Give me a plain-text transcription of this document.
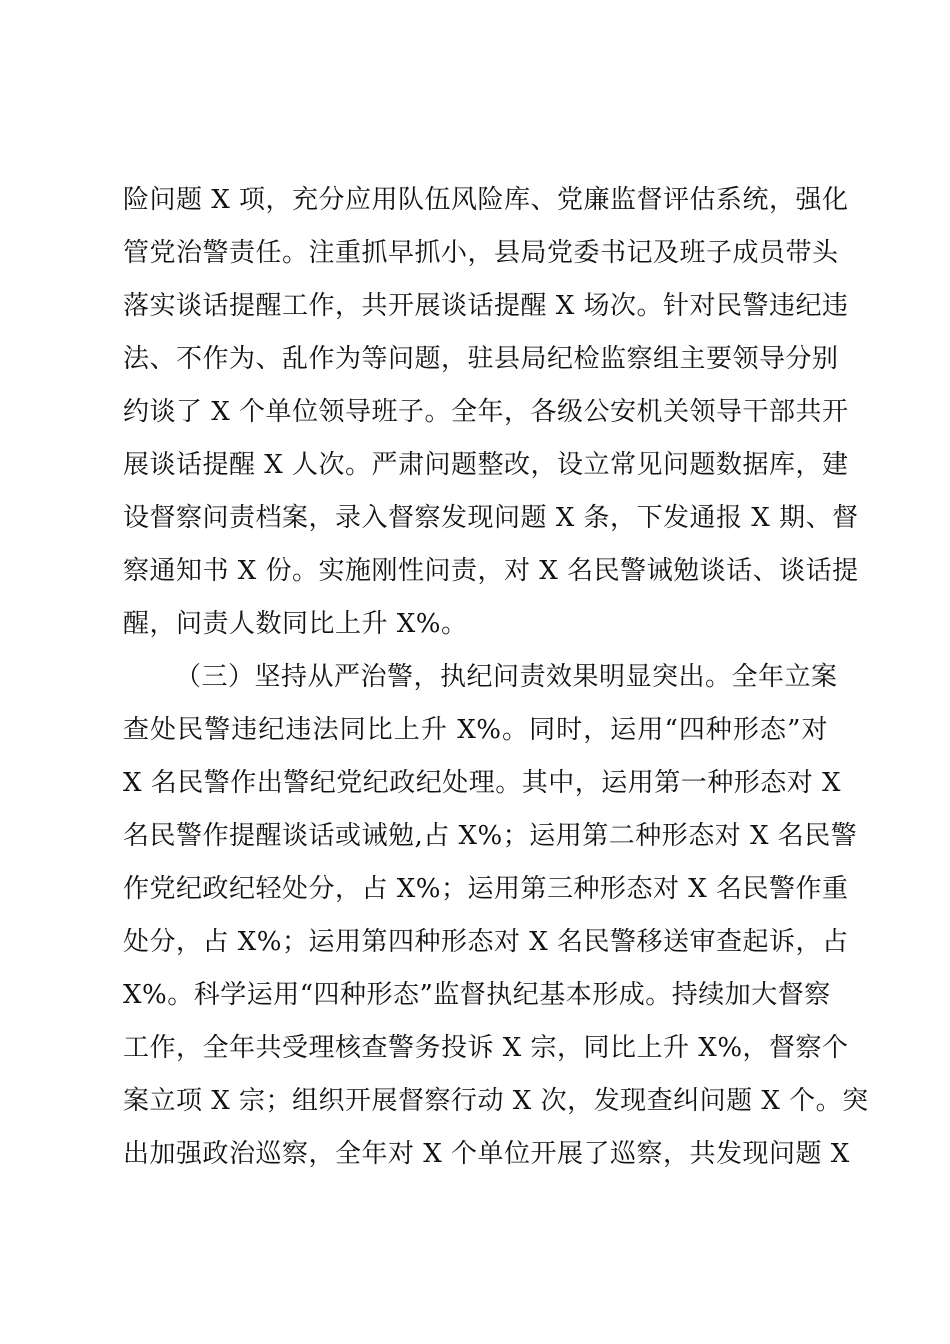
险问题 X 项，充分应用队伍风险库、党廉监督评估系统，强化
管党治警责任。注重抓早抓小，县局党委书记及班子成员带头
落实谈话提醒工作，共开展谈话提醒 X 场次。针对民警违纪违
法、不作为、乱作为等问题，驻县局纪检监察组主要领导分别
约谈了 X 个单位领导班子。全年，各级公安机关领导干部共开
展谈话提醒 X 人次。严肃问题整改，设立常见问题数据库，建
设督察问责档案，录入督察发现问题 X 条，下发通报 X 期、督
察通知书 X 份。实施刚性问责，对 X 名民警诫勉谈话、谈话提
醒，问责人数同比上升 X%。
（三）坚持从严治警，执纪问责效果明显突出。全年立案
查处民警违纪违法同比上升 X%。同时，运用“四种形态”对
X 名民警作出警纪党纪政纪处理。其中，运用第一种形态对 X
名民警作提醒谈话或诫勉,占 X%；运用第二种形态对 X 名民警
作党纪政纪轻处分，占 X%；运用第三种形态对 X 名民警作重
处分，占 X%；运用第四种形态对 X 名民警移送审查起诉，占
X%。科学运用“四种形态”监督执纪基本形成。持续加大督察
工作，全年共受理核查警务投诉 X 宗，同比上升 X%，督察个
案立项 X 宗；组织开展督察行动 X 次，发现查纠问题 X 个。突
出加强政治巡察，全年对 X 个单位开展了巡察，共发现问题 X
